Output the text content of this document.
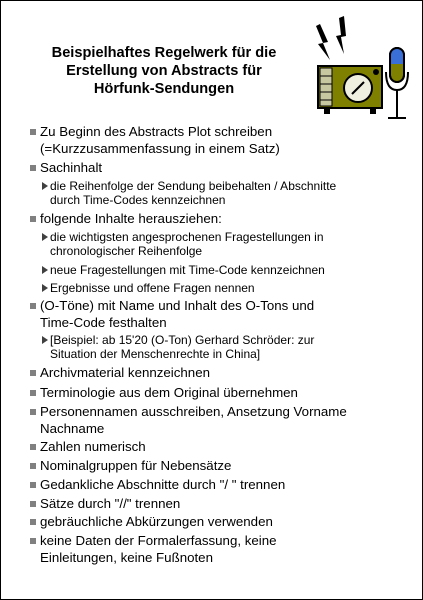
Beispielhaftes Regelwerk für die
Erstellung von Abstracts für
Hörfunk-Sendungen
Zu Beginn des Abstracts Plot schreiben
(=Kurzzusammenfassung in einem Satz)
Sachinhalt
die Reihenfolge der Sendung beibehalten / Abschnitte
durch Time-Codes kennzeichnen
folgende Inhalte herausziehen:
die wichtigsten angesprochenen Fragestellungen in
chronologischer Reihenfolge
neue Fragestellungen mit Time-Code kennzeichnen
Ergebnisse und offene Fragen nennen
(O-Töne) mit Name und Inhalt des O-Tons und
Time-Code festhalten
[Beispiel: ab 15'20 (O-Ton) Gerhard Schröder: zur
Situation der Menschenrechte in China]
Archivmaterial kennzeichnen
Terminologie aus dem Original übernehmen
Personennamen ausschreiben, Ansetzung Vorname
Nachname
Zahlen numerisch
Nominalgruppen für Nebensätze
Gedankliche Abschnitte durch "/ " trennen
Sätze durch "//" trennen
gebräuchliche Abkürzungen verwenden
keine Daten der Formalerfassung, keine
Einleitungen, keine Fußnoten
